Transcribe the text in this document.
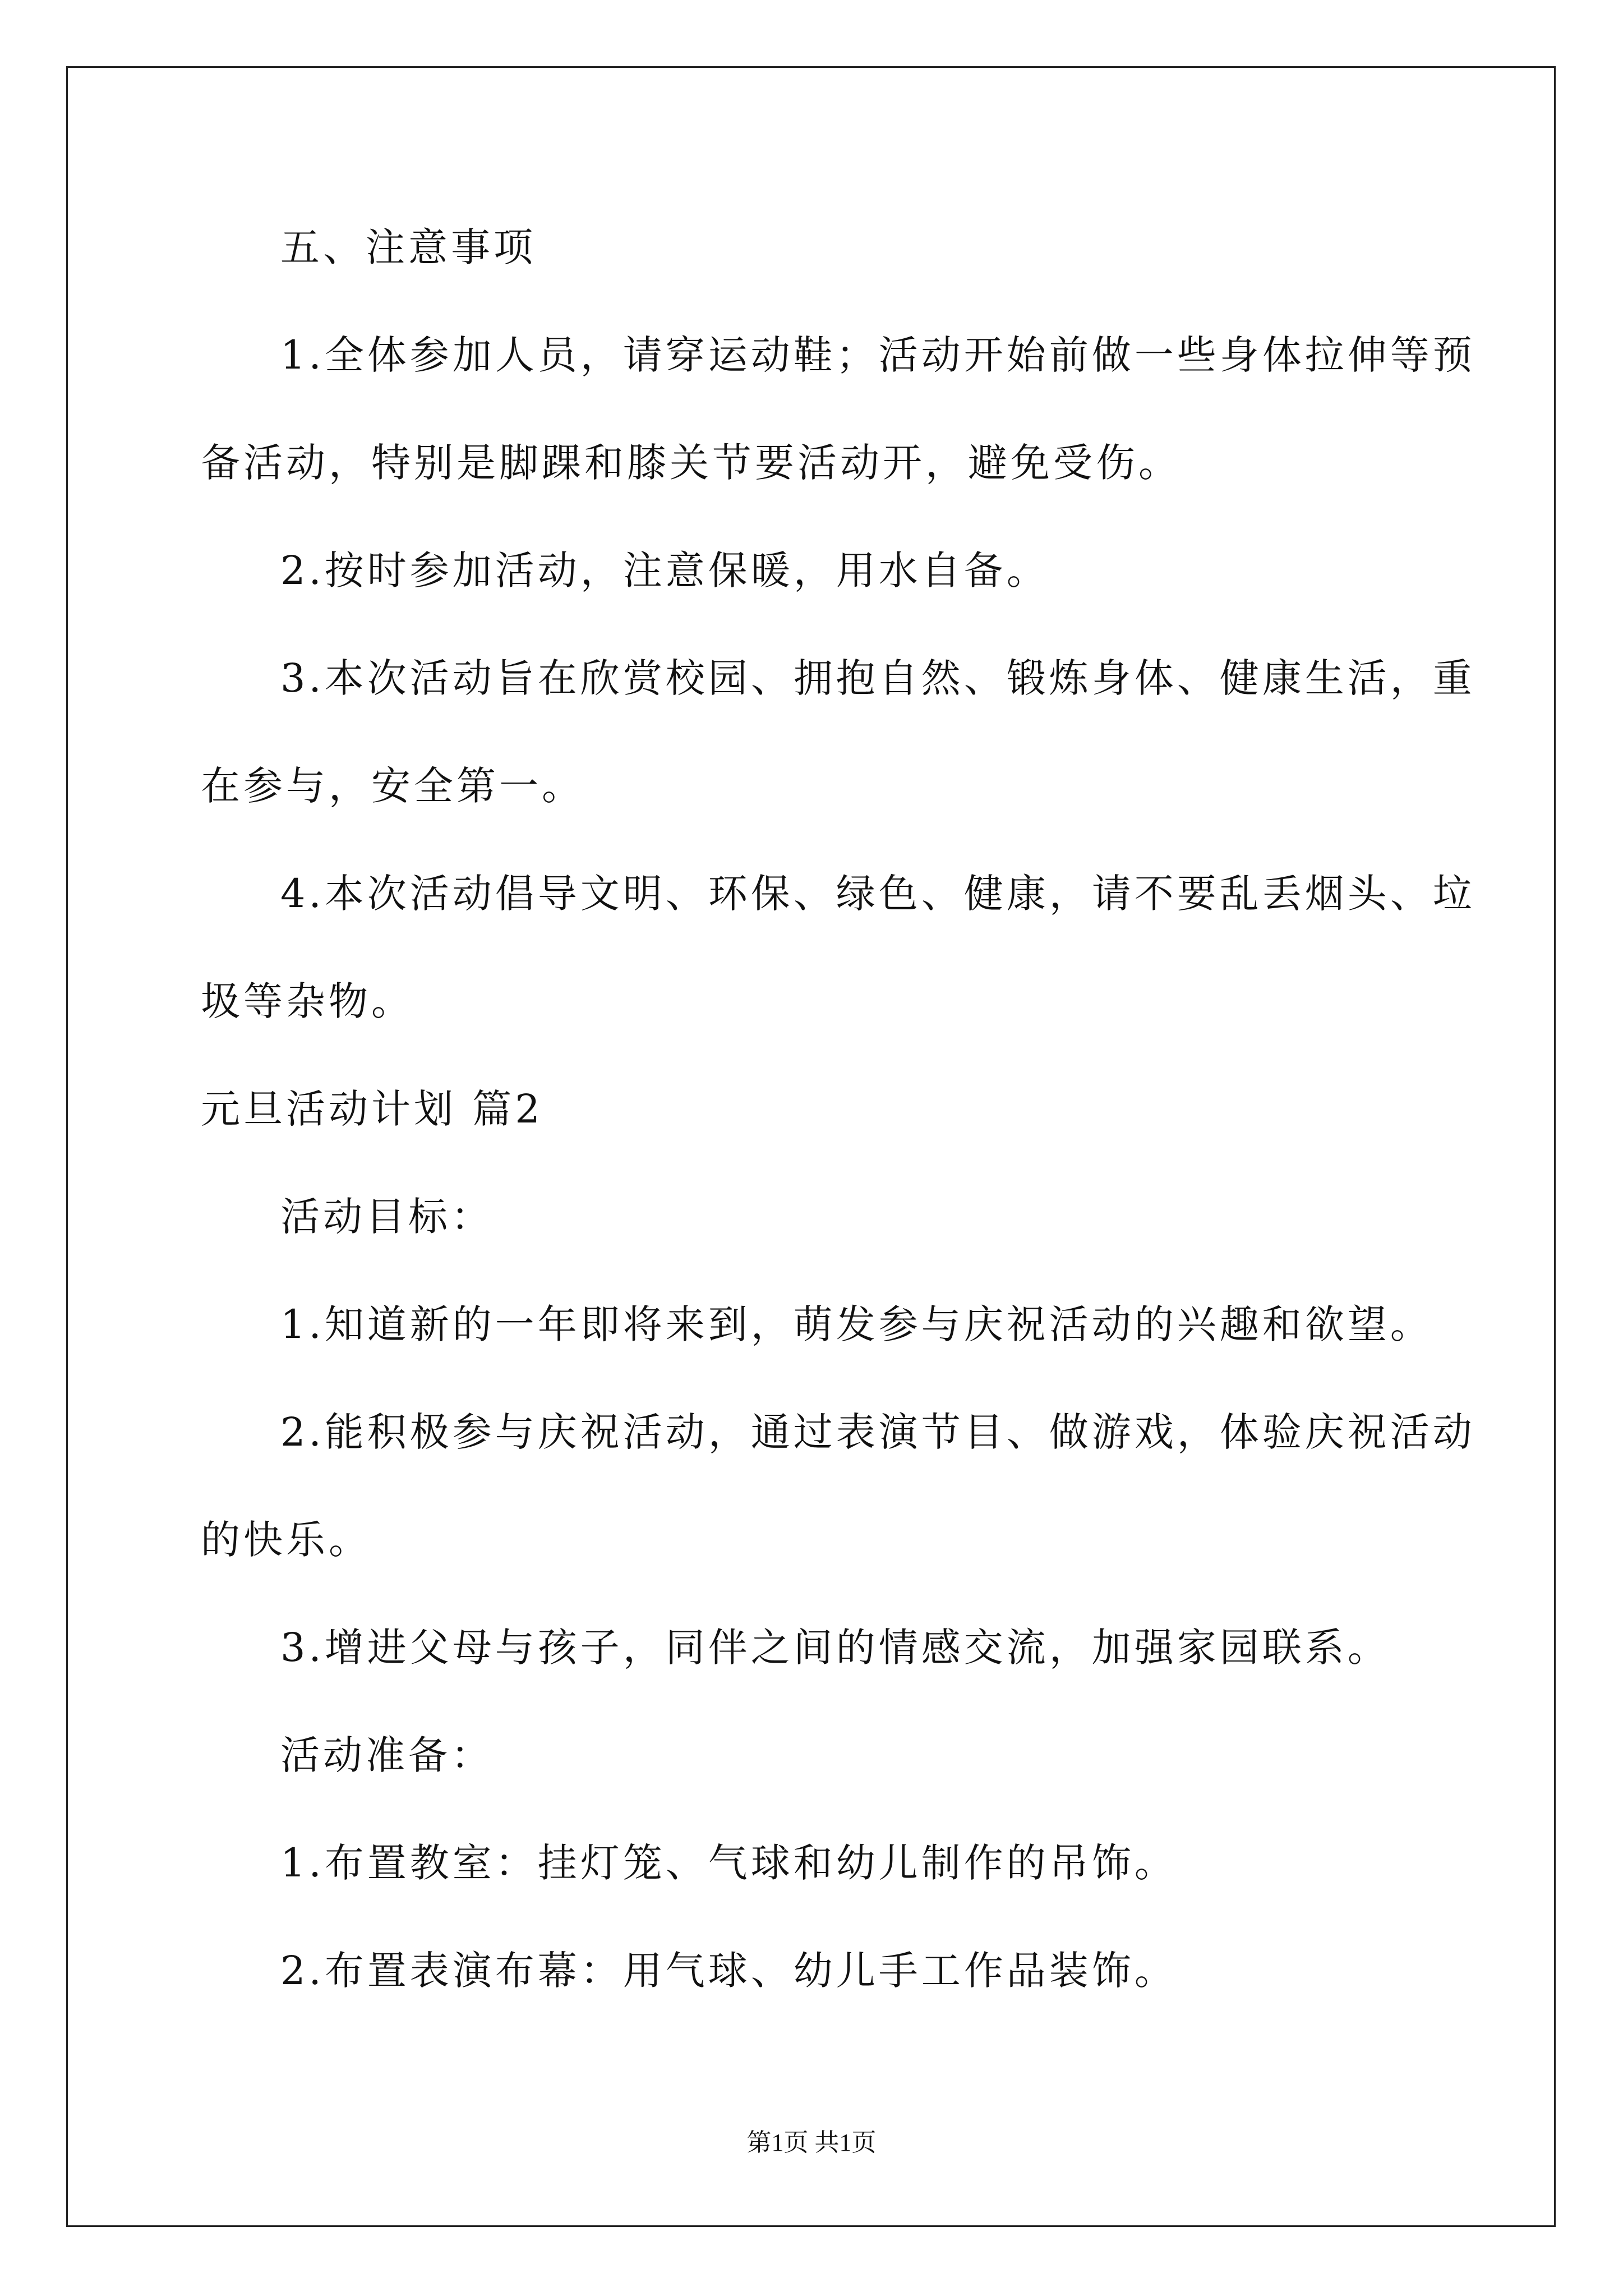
五、注意事项
1.全体参加人员，请穿运动鞋；活动开始前做一些身体拉伸等预
备活动，特别是脚踝和膝关节要活动开，避免受伤。
2.按时参加活动，注意保暖，用水自备。
3.本次活动旨在欣赏校园、拥抱自然、锻炼身体、健康生活，重
在参与，安全第一。
4.本次活动倡导文明、环保、绿色、健康，请不要乱丢烟头、垃
圾等杂物。
元旦活动计划 篇2
活动目标：
1.知道新的一年即将来到，萌发参与庆祝活动的兴趣和欲望。
2.能积极参与庆祝活动，通过表演节目、做游戏，体验庆祝活动
的快乐。
3.增进父母与孩子，同伴之间的情感交流，加强家园联系。
活动准备：
1.布置教室：挂灯笼、气球和幼儿制作的吊饰。
2.布置表演布幕：用气球、幼儿手工作品装饰。
第1页 共1页
